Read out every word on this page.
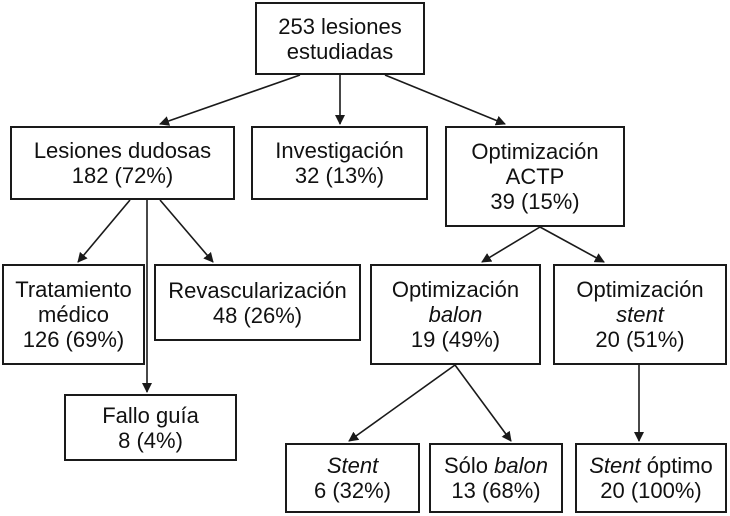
253 lesiones
estudiadas
Lesiones dudosas
182 (72%)
Investigación
32 (13%)
Optimización
ACTP
39 (15%)
Tratamiento
médico
126 (69%)
Revascularización
48 (26%)
Fallo guía
8 (4%)
Optimización
balon
19 (49%)
Optimización
stent
20 (51%)
Stent
6 (32%)
Sólo balon
13 (68%)
Stent óptimo
20 (100%)
